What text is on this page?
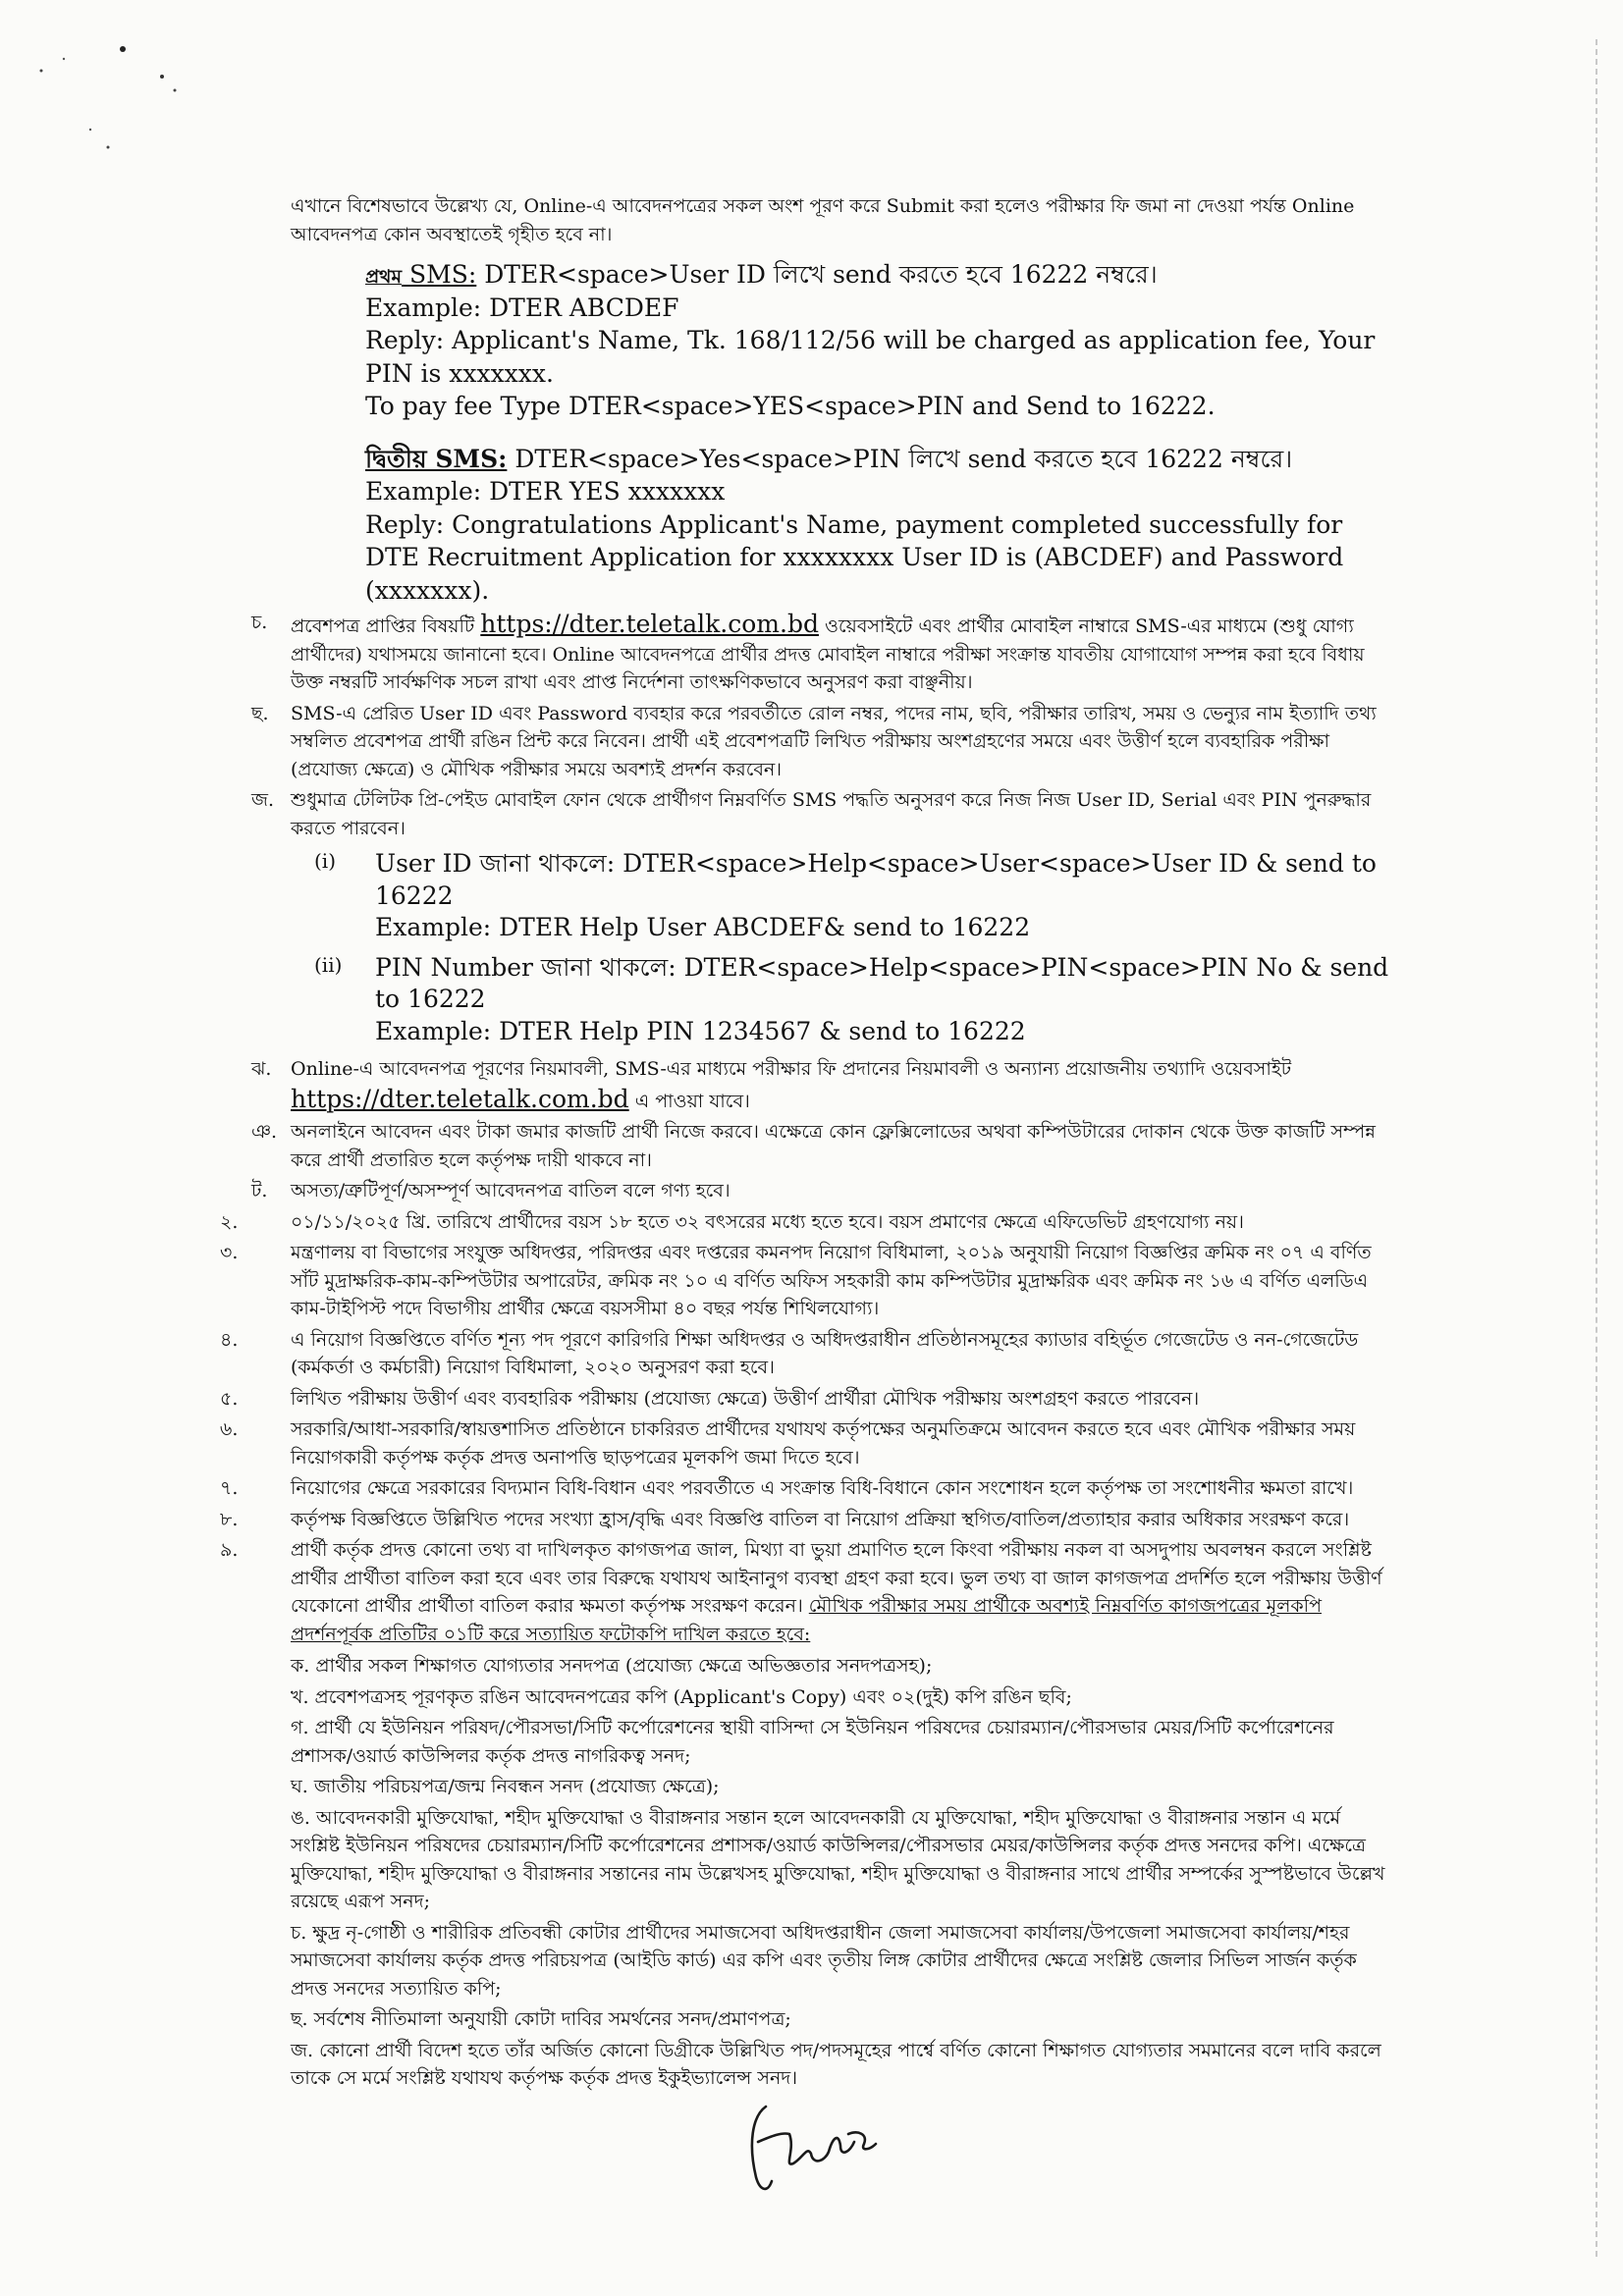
এখানে বিশেষভাবে উল্লেখ্য যে, Online-এ আবেদনপত্রের সকল অংশ পূরণ করে Submit করা হলেও পরীক্ষার ফি জমা না দেওয়া পর্যন্ত Online আবেদনপত্র কোন অবস্থাতেই গৃহীত হবে না।

প্রথম SMS: DTER<space>User ID লিখে send করতে হবে 16222 নম্বরে।
Example: DTER ABCDEF
Reply: Applicant's Name, Tk. 168/112/56 will be charged as application fee, Your PIN is xxxxxxx.
To pay fee Type DTER<space>YES<space>PIN and Send to 16222.
দ্বিতীয় SMS: DTER<space>Yes<space>PIN লিখে send করতে হবে 16222 নম্বরে।
Example: DTER YES xxxxxxx
Reply: Congratulations Applicant's Name, payment completed successfully for DTE Recruitment Application for xxxxxxxx User ID is (ABCDEF) and Password (xxxxxxx).
চ.	প্রবেশপত্র প্রাপ্তির বিষয়টি https://dter.teletalk.com.bd ওয়েবসাইটে এবং প্রার্থীর মোবাইল নাম্বারে SMS-এর মাধ্যমে (শুধু যোগ্য প্রার্থীদের) যথাসময়ে জানানো হবে। Online আবেদনপত্রে প্রার্থীর প্রদত্ত মোবাইল নাম্বারে পরীক্ষা সংক্রান্ত যাবতীয় যোগাযোগ সম্পন্ন করা হবে বিধায় উক্ত নম্বরটি সার্বক্ষণিক সচল রাখা এবং প্রাপ্ত নির্দেশনা তাৎক্ষণিকভাবে অনুসরণ করা বাঞ্ছনীয়।
ছ.	SMS-এ প্রেরিত User ID এবং Password ব্যবহার করে পরবর্তীতে রোল নম্বর, পদের নাম, ছবি, পরীক্ষার তারিখ, সময় ও ভেন্যুর নাম ইত্যাদি তথ্য সম্বলিত প্রবেশপত্র প্রার্থী রঙিন প্রিন্ট করে নিবেন। প্রার্থী এই প্রবেশপত্রটি লিখিত পরীক্ষায় অংশগ্রহণের সময়ে এবং উত্তীর্ণ হলে ব্যবহারিক পরীক্ষা (প্রযোজ্য ক্ষেত্রে) ও মৌখিক পরীক্ষার সময়ে অবশ্যই প্রদর্শন করবেন।
জ. শুধুমাত্র টেলিটক প্রি-পেইড মোবাইল ফোন থেকে প্রার্থীগণ নিম্নবর্ণিত SMS পদ্ধতি অনুসরণ করে নিজ নিজ User ID, Serial এবং PIN পুনরুদ্ধার করতে পারবেন।
(i)	User ID জানা থাকলে: DTER<space>Help<space>User<space>User ID & send to 16222
Example: DTER Help User ABCDEF& send to 16222
(ii) PIN Number জানা থাকলে: DTER<space>Help<space>PIN<space>PIN No & send to 16222
Example: DTER Help PIN 1234567 & send to 16222
ঝ.	Online-এ আবেদনপত্র পূরণের নিয়মাবলী, SMS-এর মাধ্যমে পরীক্ষার ফি প্রদানের নিয়মাবলী ও অন্যান্য প্রয়োজনীয় তথ্যাদি ওয়েবসাইট https://dter.teletalk.com.bd এ পাওয়া যাবে।
ঞ. অনলাইনে আবেদন এবং টাকা জমার কাজটি প্রার্থী নিজে করবে। এক্ষেত্রে কোন ফ্লেক্সিলোডের অথবা কম্পিউটারের দোকান থেকে উক্ত কাজটি সম্পন্ন করে প্রার্থী প্রতারিত হলে কর্তৃপক্ষ দায়ী থাকবে না।
ট.	অসত্য/ত্রুটিপূর্ণ/অসম্পূর্ণ আবেদনপত্র বাতিল বলে গণ্য হবে।
২.	০১/১১/২০২৫ খ্রি. তারিখে প্রার্থীদের বয়স ১৮ হতে ৩২ বৎসরের মধ্যে হতে হবে। বয়স প্রমাণের ক্ষেত্রে এফিডেভিট গ্রহণযোগ্য নয়।
৩.	মন্ত্রণালয় বা বিভাগের সংযুক্ত অধিদপ্তর, পরিদপ্তর এবং দপ্তরের কমনপদ নিয়োগ বিধিমালা, ২০১৯ অনুযায়ী নিয়োগ বিজ্ঞপ্তির ক্রমিক নং ০৭ এ বর্ণিত সাঁট মুদ্রাক্ষরিক-কাম-কম্পিউটার অপারেটর, ক্রমিক নং ১০ এ বর্ণিত অফিস সহকারী কাম কম্পিউটার মুদ্রাক্ষরিক এবং ক্রমিক নং ১৬ এ বর্ণিত এলডিএ কাম-টাইপিস্ট পদে বিভাগীয় প্রার্থীর ক্ষেত্রে বয়সসীমা ৪০ বছর পর্যন্ত শিথিলযোগ্য।
৪.	এ নিয়োগ বিজ্ঞপ্তিতে বর্ণিত শূন্য পদ পূরণে কারিগরি শিক্ষা অধিদপ্তর ও অধিদপ্তরাধীন প্রতিষ্ঠানসমূহের ক্যাডার বহির্ভূত গেজেটেড ও নন-গেজেটেড (কর্মকর্তা ও কর্মচারী) নিয়োগ বিধিমালা, ২০২০ অনুসরণ করা হবে।
৫.	লিখিত পরীক্ষায় উত্তীর্ণ এবং ব্যবহারিক পরীক্ষায় (প্রযোজ্য ক্ষেত্রে) উত্তীর্ণ প্রার্থীরা মৌখিক পরীক্ষায় অংশগ্রহণ করতে পারবেন।
৬.	সরকারি/আধা-সরকারি/স্বায়ত্তশাসিত প্রতিষ্ঠানে চাকরিরত প্রার্থীদের যথাযথ কর্তৃপক্ষের অনুমতিক্রমে আবেদন করতে হবে এবং মৌখিক পরীক্ষার সময় নিয়োগকারী কর্তৃপক্ষ কর্তৃক প্রদত্ত অনাপত্তি ছাড়পত্রের মূলকপি জমা দিতে হবে।
৭.	নিয়োগের ক্ষেত্রে সরকারের বিদ্যমান বিধি-বিধান এবং পরবর্তীতে এ সংক্রান্ত বিধি-বিধানে কোন সংশোধন হলে কর্তৃপক্ষ তা সংশোধনীর ক্ষমতা রাখে।
৮.	কর্তৃপক্ষ বিজ্ঞপ্তিতে উল্লিখিত পদের সংখ্যা হ্রাস/বৃদ্ধি এবং বিজ্ঞপ্তি বাতিল বা নিয়োগ প্রক্রিয়া স্থগিত/বাতিল/প্রত্যাহার করার অধিকার সংরক্ষণ করে।
৯.	প্রার্থী কর্তৃক প্রদত্ত কোনো তথ্য বা দাখিলকৃত কাগজপত্র জাল, মিথ্যা বা ভুয়া প্রমাণিত হলে কিংবা পরীক্ষায় নকল বা অসদুপায় অবলম্বন করলে সংশ্লিষ্ট প্রার্থীর প্রার্থীতা বাতিল করা হবে এবং তার বিরুদ্ধে যথাযথ আইনানুগ ব্যবস্থা গ্রহণ করা হবে। ভুল তথ্য বা জাল কাগজপত্র প্রদর্শিত হলে পরীক্ষায় উত্তীর্ণ যেকোনো প্রার্থীর প্রার্থীতা বাতিল করার ক্ষমতা কর্তৃপক্ষ সংরক্ষণ করেন। মৌখিক পরীক্ষার সময় প্রার্থীকে অবশ্যই নিম্নবর্ণিত কাগজপত্রের মূলকপি প্রদর্শনপূর্বক প্রতিটির ০১টি করে সত্যায়িত ফটোকপি দাখিল করতে হবে:
ক. প্রার্থীর সকল শিক্ষাগত যোগ্যতার সনদপত্র (প্রযোজ্য ক্ষেত্রে অভিজ্ঞতার সনদপত্রসহ);
খ. প্রবেশপত্রসহ পূরণকৃত রঙিন আবেদনপত্রের কপি (Applicant's Copy) এবং ০২(দুই) কপি রঙিন ছবি;
গ. প্রার্থী যে ইউনিয়ন পরিষদ/পৌরসভা/সিটি কর্পোরেশনের স্থায়ী বাসিন্দা সে ইউনিয়ন পরিষদের চেয়ারম্যান/পৌরসভার মেয়র/সিটি কর্পোরেশনের প্রশাসক/ওয়ার্ড কাউন্সিলর কর্তৃক প্রদত্ত নাগরিকত্ব সনদ;
ঘ. জাতীয় পরিচয়পত্র/জন্ম নিবন্ধন সনদ (প্রযোজ্য ক্ষেত্রে);
ঙ. আবেদনকারী মুক্তিযোদ্ধা, শহীদ মুক্তিযোদ্ধা ও বীরাঙ্গনার সন্তান হলে আবেদনকারী যে মুক্তিযোদ্ধা, শহীদ মুক্তিযোদ্ধা ও বীরাঙ্গনার সন্তান এ মর্মে সংশ্লিষ্ট ইউনিয়ন পরিষদের চেয়ারম্যান/সিটি কর্পোরেশনের প্রশাসক/ওয়ার্ড কাউন্সিলর/পৌরসভার মেয়র/কাউন্সিলর কর্তৃক প্রদত্ত সনদের কপি। এক্ষেত্রে মুক্তিযোদ্ধা, শহীদ মুক্তিযোদ্ধা ও বীরাঙ্গনার সন্তানের নাম উল্লেখসহ মুক্তিযোদ্ধা, শহীদ মুক্তিযোদ্ধা ও বীরাঙ্গনার সাথে প্রার্থীর সম্পর্কের সুস্পষ্টভাবে উল্লেখ রয়েছে এরূপ সনদ;
চ. ক্ষুদ্র নৃ-গোষ্ঠী ও শারীরিক প্রতিবন্ধী কোটার প্রার্থীদের সমাজসেবা অধিদপ্তরাধীন জেলা সমাজসেবা কার্যালয়/উপজেলা সমাজসেবা কার্যালয়/শহর সমাজসেবা কার্যালয় কর্তৃক প্রদত্ত পরিচয়পত্র (আইডি কার্ড) এর কপি এবং তৃতীয় লিঙ্গ কোটার প্রার্থীদের ক্ষেত্রে সংশ্লিষ্ট জেলার সিভিল সার্জন কর্তৃক প্রদত্ত সনদের সত্যায়িত কপি;
ছ. সর্বশেষ নীতিমালা অনুযায়ী কোটা দাবির সমর্থনের সনদ/প্রমাণপত্র;
জ. কোনো প্রার্থী বিদেশ হতে তাঁর অর্জিত কোনো ডিগ্রীকে উল্লিখিত পদ/পদসমূহের পার্শ্বে বর্ণিত কোনো শিক্ষাগত যোগ্যতার সমমানের বলে দাবি করলে তাকে সে মর্মে সংশ্লিষ্ট যথাযথ কর্তৃপক্ষ কর্তৃক প্রদত্ত ইকুইভ্যালেন্স সনদ।
